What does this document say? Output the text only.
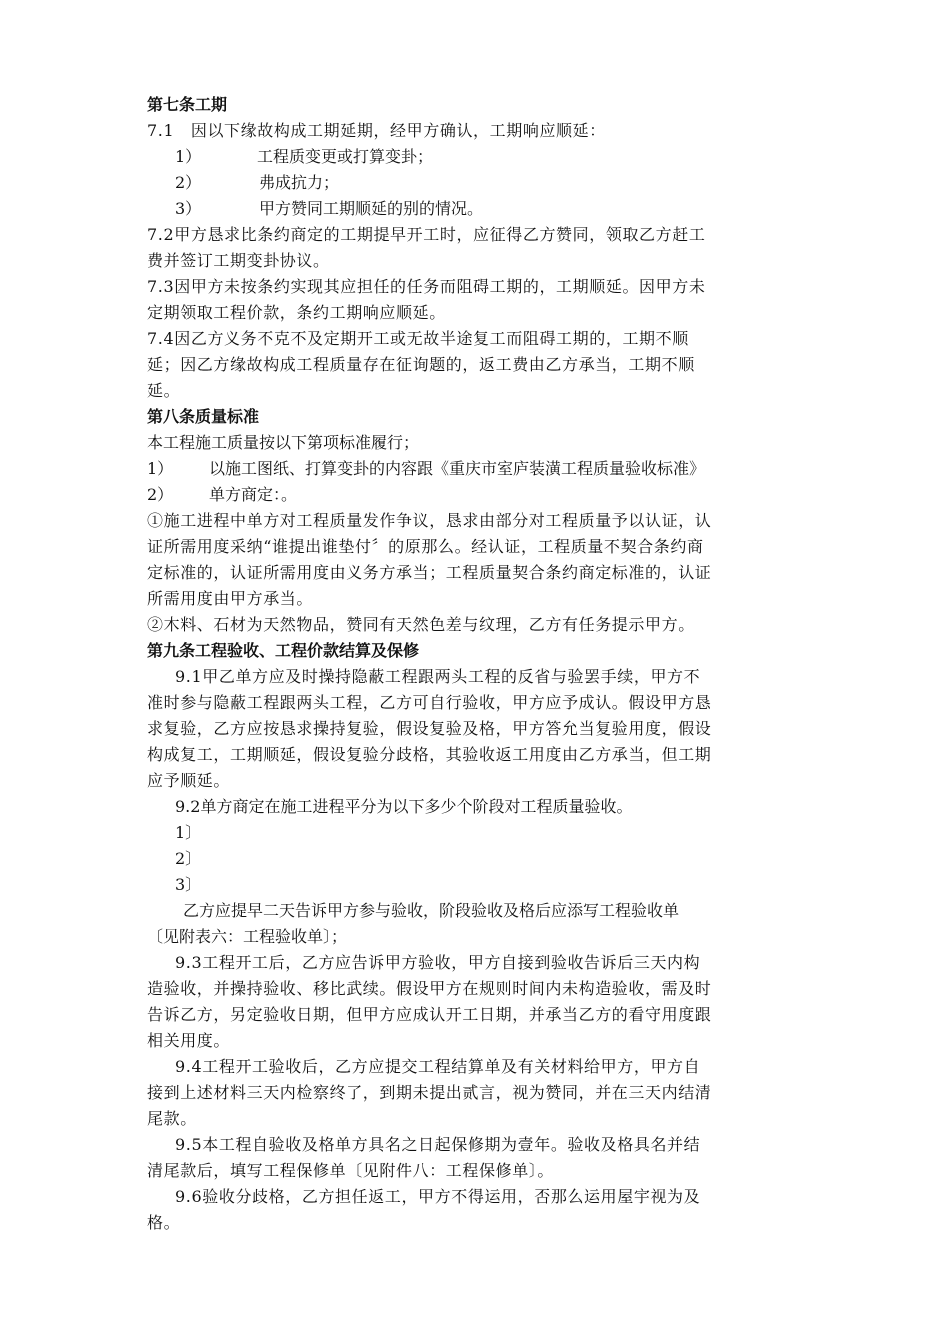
第七条工期
7.1　因以下缘故构成工期延期，经甲方确认，工期响应顺延：
1）	工程质变更或打算变卦；
2）	弗成抗力；
3）	甲方赞同工期顺延的别的情况。
7.2甲方恳求比条约商定的工期提早开工时，应征得乙方赞同，领取乙方赶工
费并签订工期变卦协议。
7.3因甲方未按条约实现其应担任的任务而阻碍工期的，工期顺延。因甲方未
定期领取工程价款，条约工期响应顺延。
7.4因乙方义务不克不及定期开工或无故半途复工而阻碍工期的，工期不顺
延；因乙方缘故构成工程质量存在征询题的，返工费由乙方承当，工期不顺
延。
第八条质量标准
本工程施工质量按以下第项标准履行；
1） 以施工图纸、打算变卦的内容跟《重庆市室庐装潢工程质量验收标准》
2） 单方商定：。
①施工进程中单方对工程质量发作争议，恳求由部分对工程质量予以认证，认
证所需用度采纳“谁提出谁垫付〞的原那么。经认证，工程质量不契合条约商
定标准的，认证所需用度由义务方承当；工程质量契合条约商定标准的，认证
所需用度由甲方承当。
②木料、石材为天然物品，赞同有天然色差与纹理，乙方有任务提示甲方。
第九条工程验收、工程价款结算及保修
9.1甲乙单方应及时操持隐蔽工程跟两头工程的反省与验罢手续，甲方不
准时参与隐蔽工程跟两头工程，乙方可自行验收，甲方应予成认。假设甲方恳
求复验，乙方应按恳求操持复验，假设复验及格，甲方答允当复验用度，假设
构成复工，工期顺延，假设复验分歧格，其验收返工用度由乙方承当，但工期
应予顺延。
9.2单方商定在施工进程平分为以下多少个阶段对工程质量验收。
1〕
2〕
3〕
乙方应提早二天告诉甲方参与验收，阶段验收及格后应添写工程验收单
〔见附表六：工程验收单〕；
9.3工程开工后，乙方应告诉甲方验收，甲方自接到验收告诉后三天内构
造验收，并操持验收、移比武续。假设甲方在规则时间内未构造验收，需及时
告诉乙方，另定验收日期，但甲方应成认开工日期，并承当乙方的看守用度跟
相关用度。
9.4工程开工验收后，乙方应提交工程结算单及有关材料给甲方，甲方自
接到上述材料三天内检察终了，到期未提出贰言，视为赞同，并在三天内结清
尾款。
9.5本工程自验收及格单方具名之日起保修期为壹年。验收及格具名并结
清尾款后，填写工程保修单〔见附件八：工程保修单〕。
9.6验收分歧格，乙方担任返工，甲方不得运用，否那么运用屋宇视为及
格。
